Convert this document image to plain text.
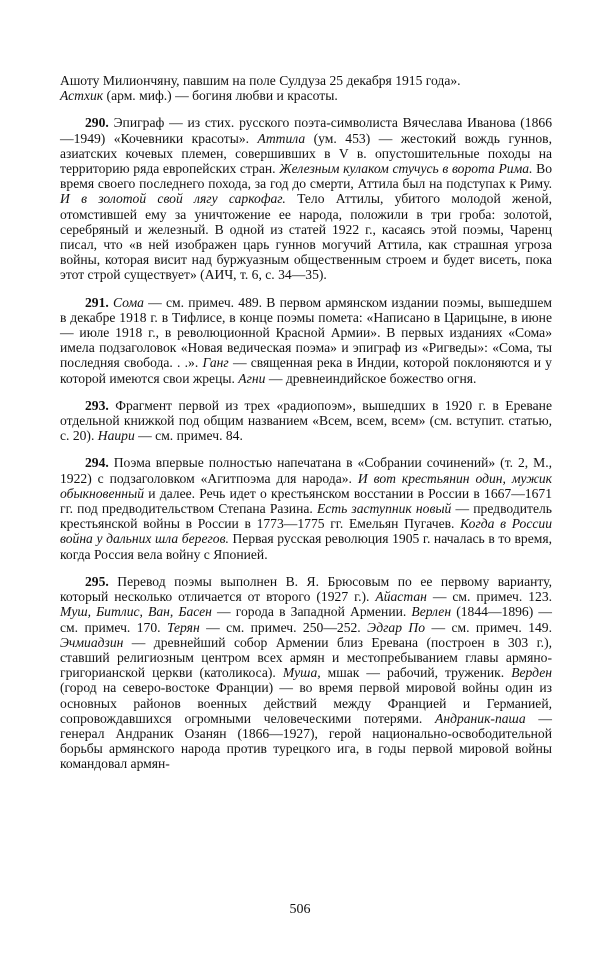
Ашоту Милиончяну, павшим на поле Сулдуза 25 декабря 1915 года».
Астхик (арм. миф.) — богиня любви и красоты.

290. Эпиграф — из стих. русского поэта-символиста Вячеслава Иванова (1866—1949) «Кочевники красоты». Аттила (ум. 453) — жестокий вождь гуннов, азиатских кочевых племен, совершивших в V в. опустошительные походы на территорию ряда европейских стран. Железным кулаком стучусь в ворота Рима. Во время своего последнего похода, за год до смерти, Аттила был на подступах к Риму. И в золотой свой лягу саркофаг. Тело Аттилы, убитого молодой женой, отомстившей ему за уничтожение ее народа, положили в три гроба: золотой, серебряный и железный. В одной из статей 1922 г., касаясь этой поэмы, Чаренц писал, что «в ней изображен царь гуннов могучий Аттила, как страшная угроза войны, которая висит над буржуазным общественным строем и будет висеть, пока этот строй существует» (АИЧ, т. 6, с. 34—35).

291. Сома — см. примеч. 489. В первом армянском издании поэмы, вышедшем в декабре 1918 г. в Тифлисе, в конце поэмы помета: «Написано в Царицыне, в июне — июле 1918 г., в революционной Красной Армии». В первых изданиях «Сома» имела подзаголовок «Новая ведическая поэма» и эпиграф из «Ригведы»: «Сома, ты последняя свобода. . .». Ганг — священная река в Индии, которой поклоняются и у которой имеются свои жрецы. Агни — древнеиндийское божество огня.

293. Фрагмент первой из трех «радиопоэм», вышедших в 1920 г. в Ереване отдельной книжкой под общим названием «Всем, всем, всем» (см. вступит. статью, с. 20). Наири — см. примеч. 84.

294. Поэма впервые полностью напечатана в «Собрании сочинений» (т. 2, М., 1922) с подзаголовком «Агитпоэма для народа». И вот крестьянин один, мужик обыкновенный и далее. Речь идет о крестьянском восстании в России в 1667—1671 гг. под предводительством Степана Разина. Есть заступник новый — предводитель крестьянской войны в России в 1773—1775 гг. Емельян Пугачев. Когда в России война у дальних шла берегов. Первая русская революция 1905 г. началась в то время, когда Россия вела войну с Японией.

295. Перевод поэмы выполнен В. Я. Брюсовым по ее первому варианту, который несколько отличается от второго (1927 г.). Айастан — см. примеч. 123. Муш, Битлис, Ван, Басен — города в Западной Армении. Верлен (1844—1896) — см. примеч. 170. Терян — см. примеч. 250—252. Эдгар По — см. примеч. 149. Эчмиадзин — древнейший собор Армении близ Еревана (построен в 303 г.), ставший религиозным центром всех армян и местопребыванием главы армяно-григорианской церкви (католикоса). Муша, мшак — рабочий, труженик. Верден (город на северо-востоке Франции) — во время первой мировой войны один из основных районов военных действий между Францией и Германией, сопровождавшихся огромными человеческими потерями. Андраник-паша — генерал Андраник Озанян (1866—1927), герой национально-освободительной борьбы армянского народа против турецкого ига, в годы первой мировой войны командовал армян-

506
